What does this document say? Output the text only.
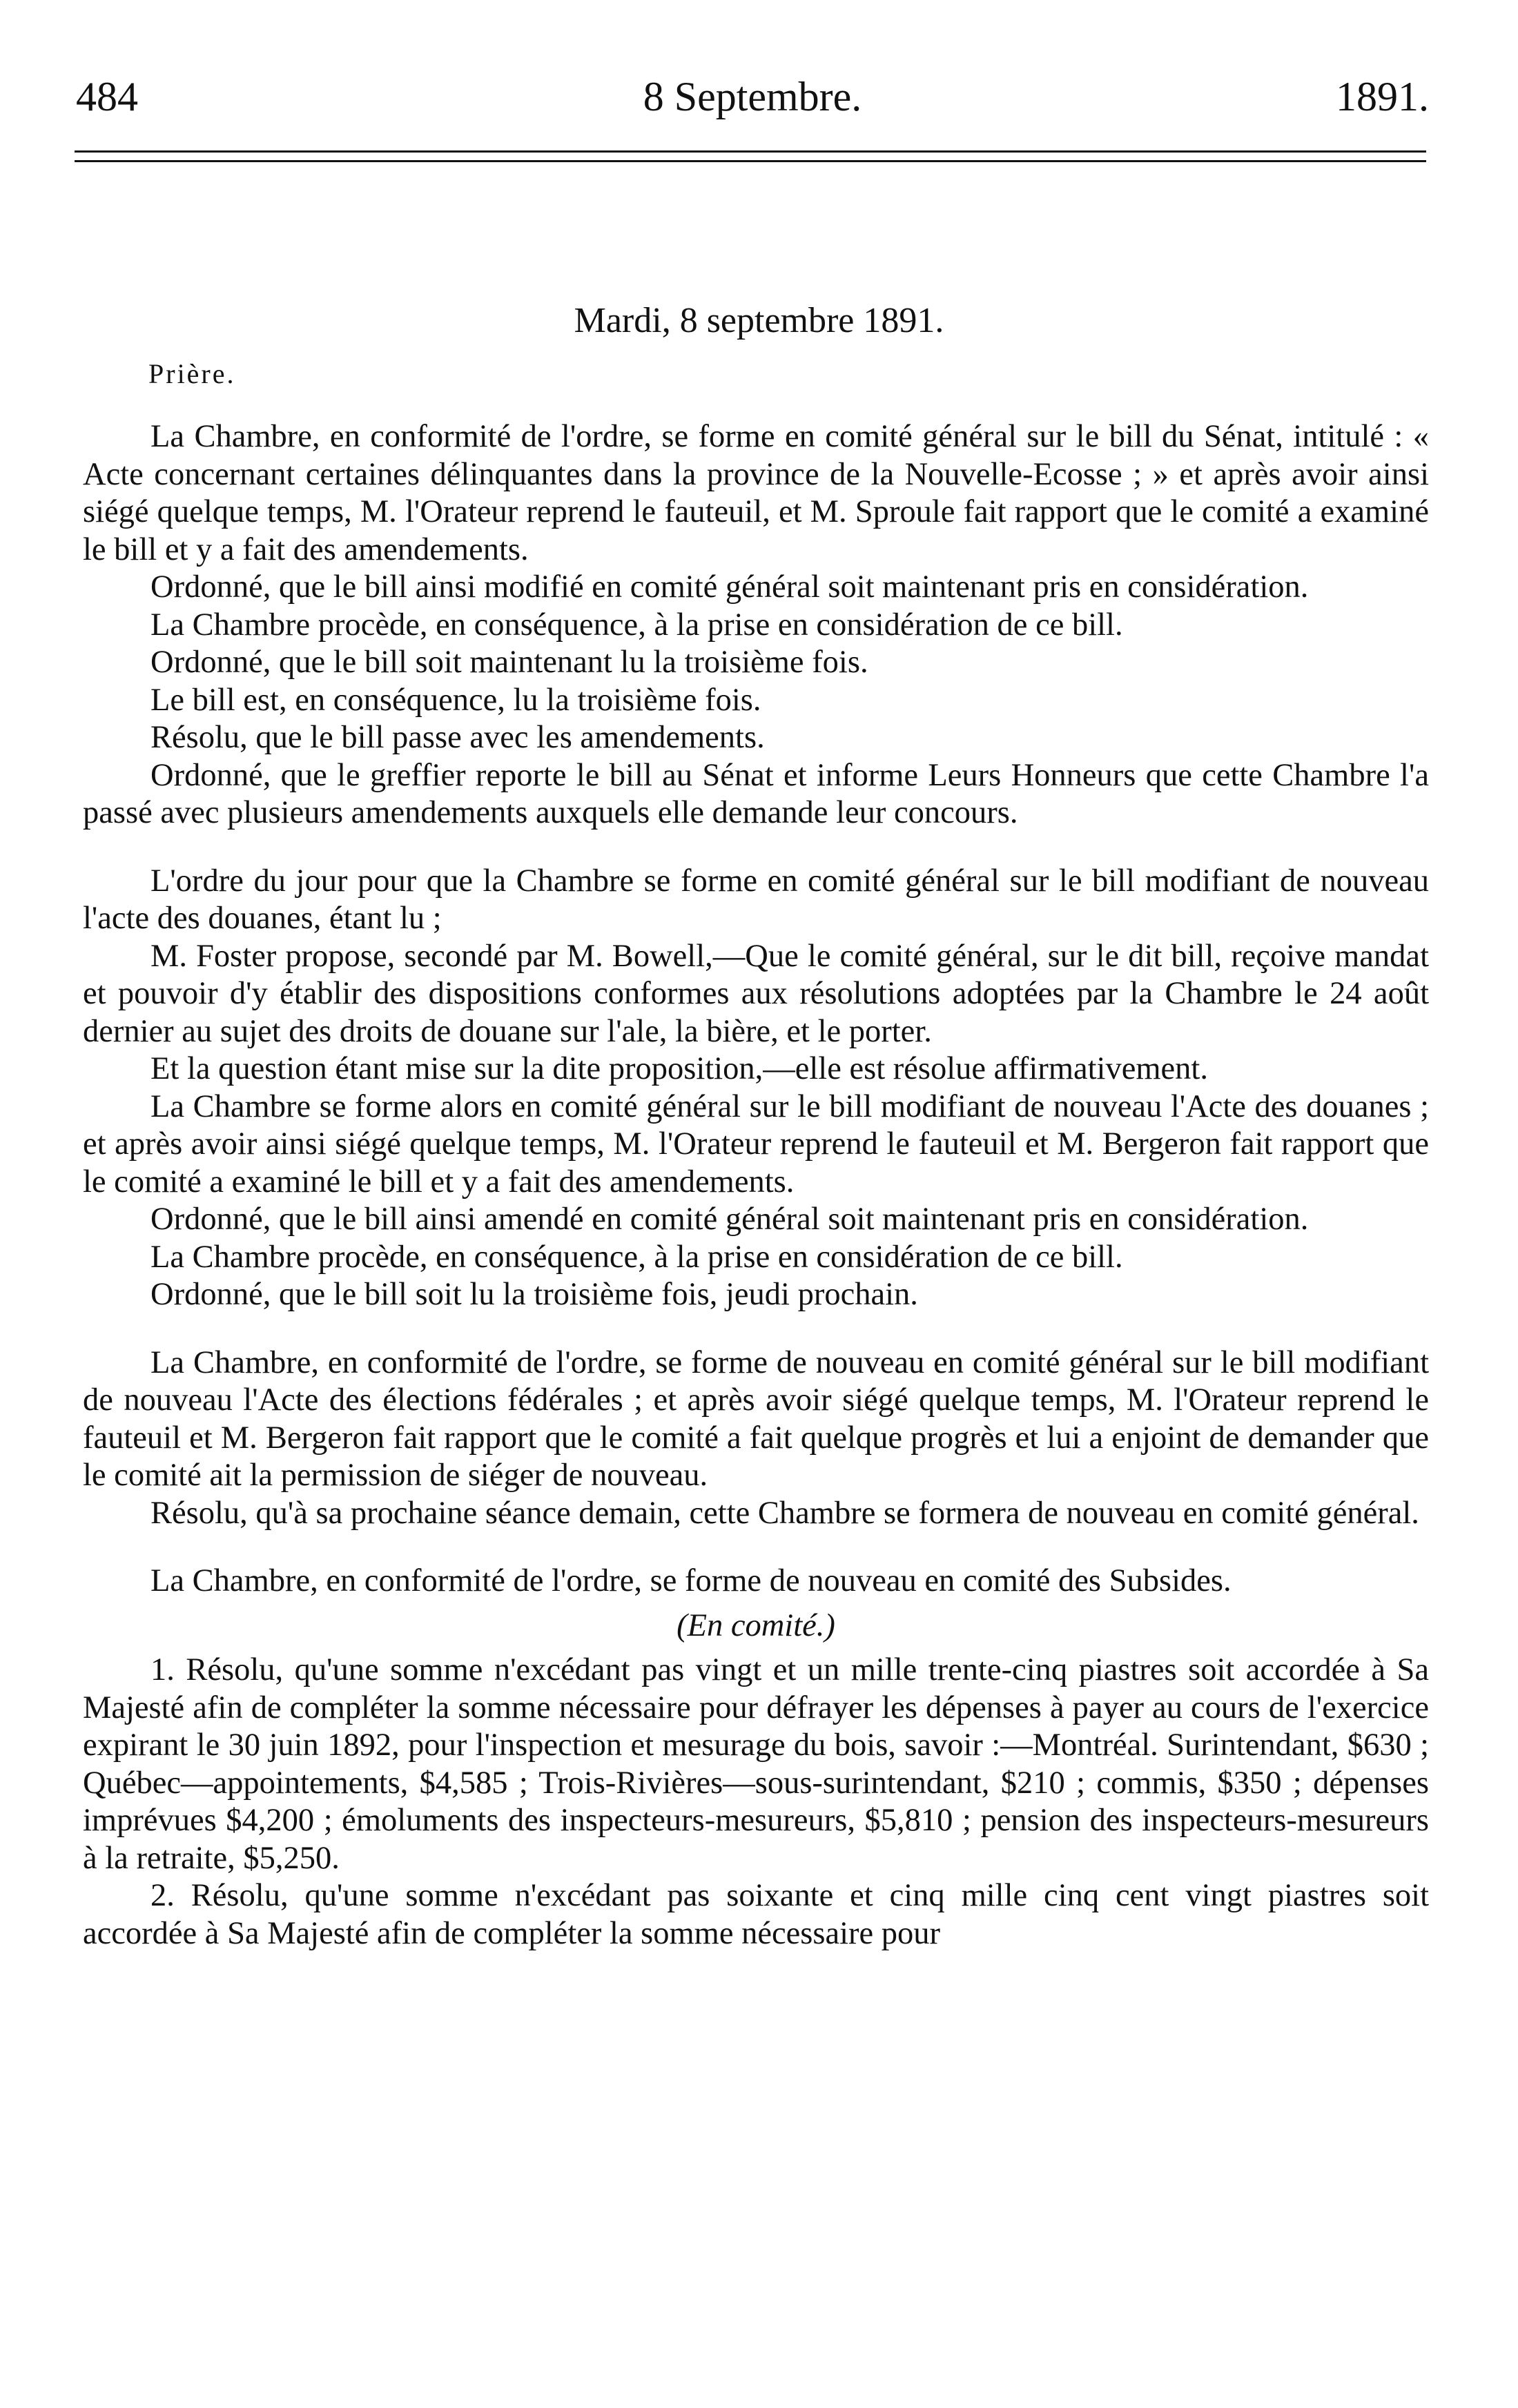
484	8 Septembre.	1891.
Mardi, 8 septembre 1891.
Prière.

La Chambre, en conformité de l'ordre, se forme en comité général sur le bill du Sénat, intitulé : « Acte concernant certaines délinquantes dans la province de la Nouvelle-Ecosse ; » et après avoir ainsi siégé quelque temps, M. l'Orateur reprend le fauteuil, et M. Sproule fait rapport que le comité a examiné le bill et y a fait des amendements.

Ordonné, que le bill ainsi modifié en comité général soit maintenant pris en considération.

La Chambre procède, en conséquence, à la prise en considération de ce bill.

Ordonné, que le bill soit maintenant lu la troisième fois.

Le bill est, en conséquence, lu la troisième fois.

Résolu, que le bill passe avec les amendements.

Ordonné, que le greffier reporte le bill au Sénat et informe Leurs Honneurs que cette Chambre l'a passé avec plusieurs amendements auxquels elle demande leur concours.

L'ordre du jour pour que la Chambre se forme en comité général sur le bill modifiant de nouveau l'acte des douanes, étant lu ;

M. Foster propose, secondé par M. Bowell,—Que le comité général, sur le dit bill, reçoive mandat et pouvoir d'y établir des dispositions conformes aux résolutions adoptées par la Chambre le 24 août dernier au sujet des droits de douane sur l'ale, la bière, et le porter.

Et la question étant mise sur la dite proposition,—elle est résolue affirmativement.

La Chambre se forme alors en comité général sur le bill modifiant de nouveau l'Acte des douanes ; et après avoir ainsi siégé quelque temps, M. l'Orateur reprend le fauteuil et M. Bergeron fait rapport que le comité a examiné le bill et y a fait des amendements.

Ordonné, que le bill ainsi amendé en comité général soit maintenant pris en considération.

La Chambre procède, en conséquence, à la prise en considération de ce bill.

Ordonné, que le bill soit lu la troisième fois, jeudi prochain.

La Chambre, en conformité de l'ordre, se forme de nouveau en comité général sur le bill modifiant de nouveau l'Acte des élections fédérales ; et après avoir siégé quelque temps, M. l'Orateur reprend le fauteuil et M. Bergeron fait rapport que le comité a fait quelque progrès et lui a enjoint de demander que le comité ait la permission de siéger de nouveau.

Résolu, qu'à sa prochaine séance demain, cette Chambre se formera de nouveau en comité général.

La Chambre, en conformité de l'ordre, se forme de nouveau en comité des Subsides.

(En comité.)

1. Résolu, qu'une somme n'excédant pas vingt et un mille trente-cinq piastres soit accordée à Sa Majesté afin de compléter la somme nécessaire pour défrayer les dépenses à payer au cours de l'exercice expirant le 30 juin 1892, pour l'inspection et mesurage du bois, savoir :—Montréal. Surintendant, $630 ; Québec—appointements, $4,585 ; Trois-Rivières—sous-surintendant, $210 ; commis, $350 ; dépenses imprévues $4,200 ; émoluments des inspecteurs-mesureurs, $5,810 ; pension des inspecteurs-mesureurs à la retraite, $5,250.

2. Résolu, qu'une somme n'excédant pas soixante et cinq mille cinq cent vingt piastres soit accordée à Sa Majesté afin de compléter la somme nécessaire pour
